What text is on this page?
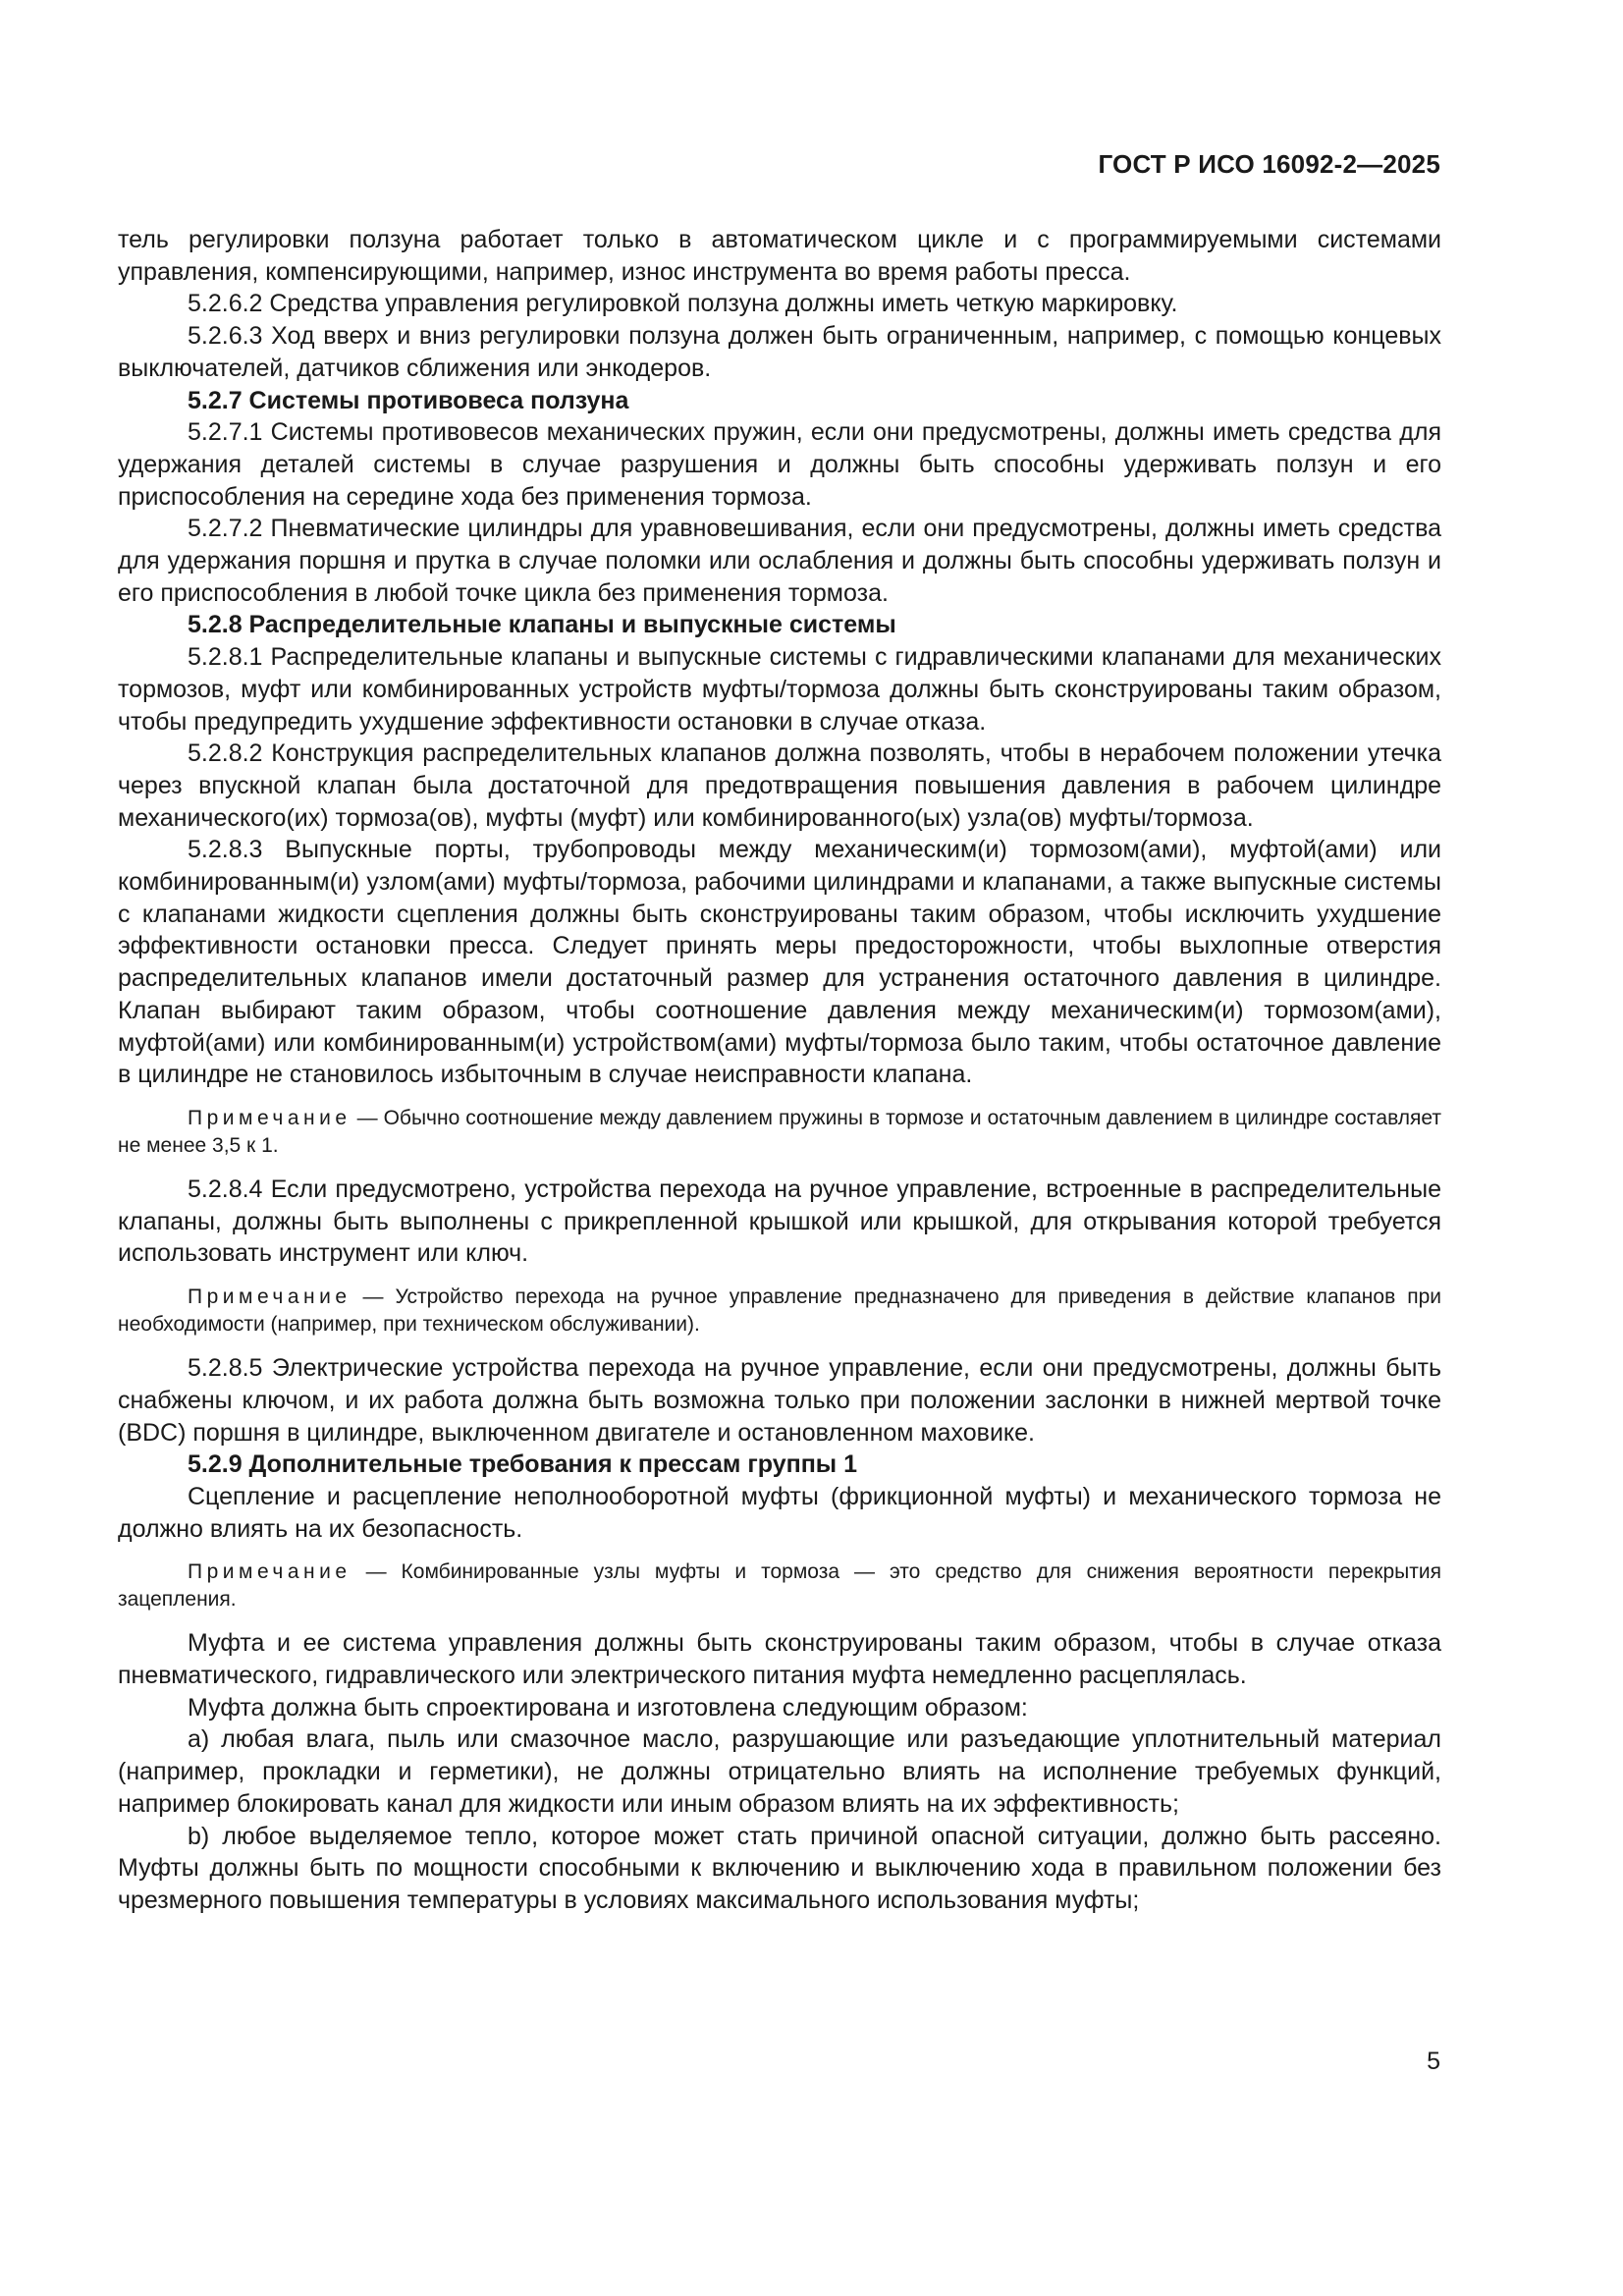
ГОСТ Р ИСО 16092-2—2025

тель регулировки ползуна работает только в автоматическом цикле и с программируемыми системами управления, компенсирующими, например, износ инструмента во время работы пресса.

5.2.6.2 Средства управления регулировкой ползуна должны иметь четкую маркировку.

5.2.6.3 Ход вверх и вниз регулировки ползуна должен быть ограниченным, например, с помощью концевых выключателей, датчиков сближения или энкодеров.

5.2.7 Системы противовеса ползуна

5.2.7.1 Системы противовесов механических пружин, если они предусмотрены, должны иметь средства для удержания деталей системы в случае разрушения и должны быть способны удерживать ползун и его приспособления на середине хода без применения тормоза.

5.2.7.2 Пневматические цилиндры для уравновешивания, если они предусмотрены, должны иметь средства для удержания поршня и прутка в случае поломки или ослабления и должны быть способны удерживать ползун и его приспособления в любой точке цикла без применения тормоза.

5.2.8 Распределительные клапаны и выпускные системы

5.2.8.1 Распределительные клапаны и выпускные системы с гидравлическими клапанами для механических тормозов, муфт или комбинированных устройств муфты/тормоза должны быть сконструированы таким образом, чтобы предупредить ухудшение эффективности остановки в случае отказа.

5.2.8.2 Конструкция распределительных клапанов должна позволять, чтобы в нерабочем положении утечка через впускной клапан была достаточной для предотвращения повышения давления в рабочем цилиндре механического(их) тормоза(ов), муфты (муфт) или комбинированного(ых) узла(ов) муфты/тормоза.

5.2.8.3 Выпускные порты, трубопроводы между механическим(и) тормозом(ами), муфтой(ами) или комбинированным(и) узлом(ами) муфты/тормоза, рабочими цилиндрами и клапанами, а также выпускные системы с клапанами жидкости сцепления должны быть сконструированы таким образом, чтобы исключить ухудшение эффективности остановки пресса. Следует принять меры предосторожности, чтобы выхлопные отверстия распределительных клапанов имели достаточный размер для устранения остаточного давления в цилиндре. Клапан выбирают таким образом, чтобы соотношение давления между механическим(и) тормозом(ами), муфтой(ами) или комбинированным(и) устройством(ами) муфты/тормоза было таким, чтобы остаточное давление в цилиндре не становилось избыточным в случае неисправности клапана.

Примечание — Обычно соотношение между давлением пружины в тормозе и остаточным давлением в цилиндре составляет не менее 3,5 к 1.

5.2.8.4 Если предусмотрено, устройства перехода на ручное управление, встроенные в распределительные клапаны, должны быть выполнены с прикрепленной крышкой или крышкой, для открывания которой требуется использовать инструмент или ключ.

Примечание — Устройство перехода на ручное управление предназначено для приведения в действие клапанов при необходимости (например, при техническом обслуживании).

5.2.8.5 Электрические устройства перехода на ручное управление, если они предусмотрены, должны быть снабжены ключом, и их работа должна быть возможна только при положении заслонки в нижней мертвой точке (BDC) поршня в цилиндре, выключенном двигателе и остановленном маховике.

5.2.9 Дополнительные требования к прессам группы 1

Сцепление и расцепление неполнооборотной муфты (фрикционной муфты) и механического тормоза не должно влиять на их безопасность.

Примечание — Комбинированные узлы муфты и тормоза — это средство для снижения вероятности перекрытия зацепления.

Муфта и ее система управления должны быть сконструированы таким образом, чтобы в случае отказа пневматического, гидравлического или электрического питания муфта немедленно расцеплялась.

Муфта должна быть спроектирована и изготовлена следующим образом:

a) любая влага, пыль или смазочное масло, разрушающие или разъедающие уплотнительный материал (например, прокладки и герметики), не должны отрицательно влиять на исполнение требуемых функций, например блокировать канал для жидкости или иным образом влиять на их эффективность;

b) любое выделяемое тепло, которое может стать причиной опасной ситуации, должно быть рассеяно. Муфты должны быть по мощности способными к включению и выключению хода в правильном положении без чрезмерного повышения температуры в условиях максимального использования муфты;

5
